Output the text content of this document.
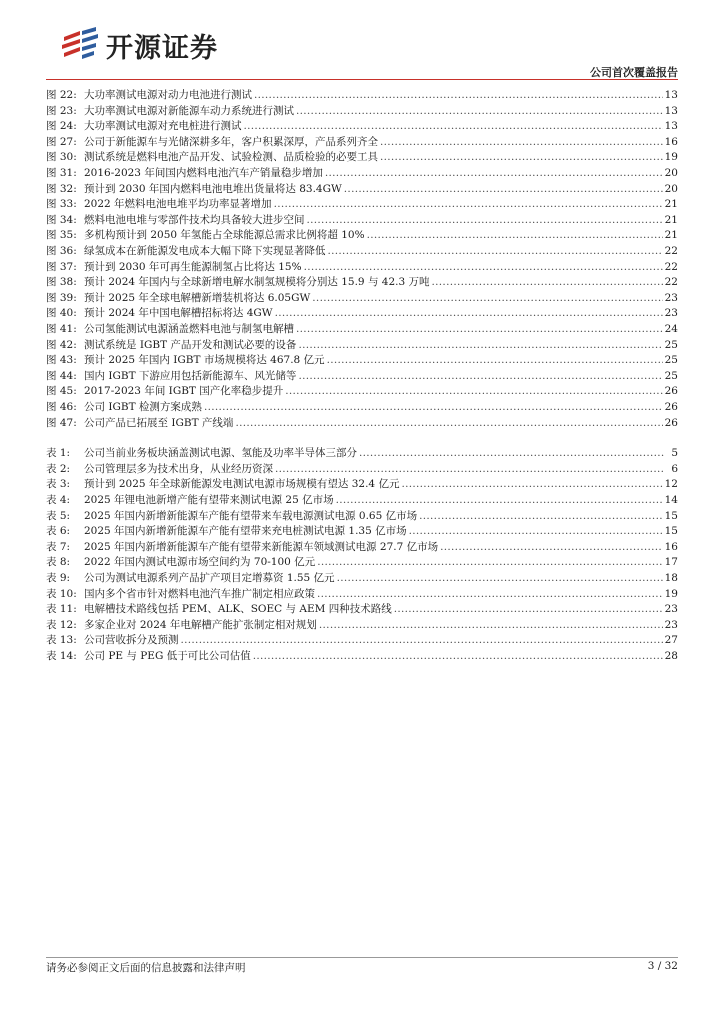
开源证券
公司首次覆盖报告
图 22: 大功率测试电源对动力电池进行测试 .....	13
图 23: 大功率测试电源对新能源车动力系统进行测试 .....	13
图 24: 大功率测试电源对充电桩进行测试 .....	13
图 27: 公司于新能源车与光储深耕多年，客户积累深厚，产品系列齐全 .....	16
图 30: 测试系统是燃料电池产品开发、试验检测、品质检验的必要工具 .....	19
图 31: 2016-2023 年间国内燃料电池汽车产销量稳步增加 .....	20
图 32: 预计到 2030 年国内燃料电池电堆出货量将达 83.4GW .....	20
图 33: 2022 年燃料电池电堆平均功率显著增加 .....	21
图 34: 燃料电池电堆与零部件技术均具备较大进步空间 .....	21
图 35: 多机构预计到 2050 年氢能占全球能源总需求比例将超 10% .....	21
图 36: 绿氢成本在新能源发电成本大幅下降下实现显著降低 .....	22
图 37: 预计到 2030 年可再生能源制氢占比将达 15% .....	22
图 38: 预计 2024 年国内与全球新增电解水制氢规模将分别达 15.9 与 42.3 万吨 .....	22
图 39: 预计 2025 年全球电解槽新增装机将达 6.05GW .....	23
图 40: 预计 2024 年中国电解槽招标将达 4GW .....	23
图 41: 公司氢能测试电源涵盖燃料电池与制氢电解槽 .....	24
图 42: 测试系统是 IGBT 产品开发和测试必要的设备 .....	25
图 43: 预计 2025 年国内 IGBT 市场规模将达 467.8 亿元 .....	25
图 44: 国内 IGBT 下游应用包括新能源车、风光储等 .....	25
图 45: 2017-2023 年间 IGBT 国产化率稳步提升 .....	26
图 46: 公司 IGBT 检测方案成熟 .....	26
图 47: 公司产品已拓展至 IGBT 产线端 .....	26
表 1:	公司当前业务板块涵盖测试电源、氢能及功率半导体三部分 .....	5
表 2:	公司管理层多为技术出身，从业经历资深 .....	6
表 3:	预计到 2025 年全球新能源发电测试电源市场规模有望达 32.4 亿元 .....	12
表 4:	2025 年锂电池新增产能有望带来测试电源 25 亿市场 .....	14
表 5:	2025 年国内新增新能源车产能有望带来车载电源测试电源 0.65 亿市场 .....	15
表 6:	2025 年国内新增新能源车产能有望带来充电桩测试电源 1.35 亿市场 .....	15
表 7:	2025 年国内新增新能源车产能有望带来新能源车领域测试电源 27.7 亿市场 .....	16
表 8:	2022 年国内测试电源市场空间约为 70-100 亿元 .....	17
表 9:	公司为测试电源系列产品扩产项目定增募资 1.55 亿元 .....	18
表 10: 国内多个省市针对燃料电池汽车推广制定相应政策 .....	19
表 11: 电解槽技术路线包括 PEM、ALK、SOEC 与 AEM 四种技术路线 .....	23
表 12: 多家企业对 2024 年电解槽产能扩张制定相对规划 .....	23
表 13: 公司营收拆分及预测 .....	27
表 14: 公司 PE 与 PEG 低于可比公司估值 .....	28
请务必参阅正文后面的信息披露和法律声明	3 / 32
